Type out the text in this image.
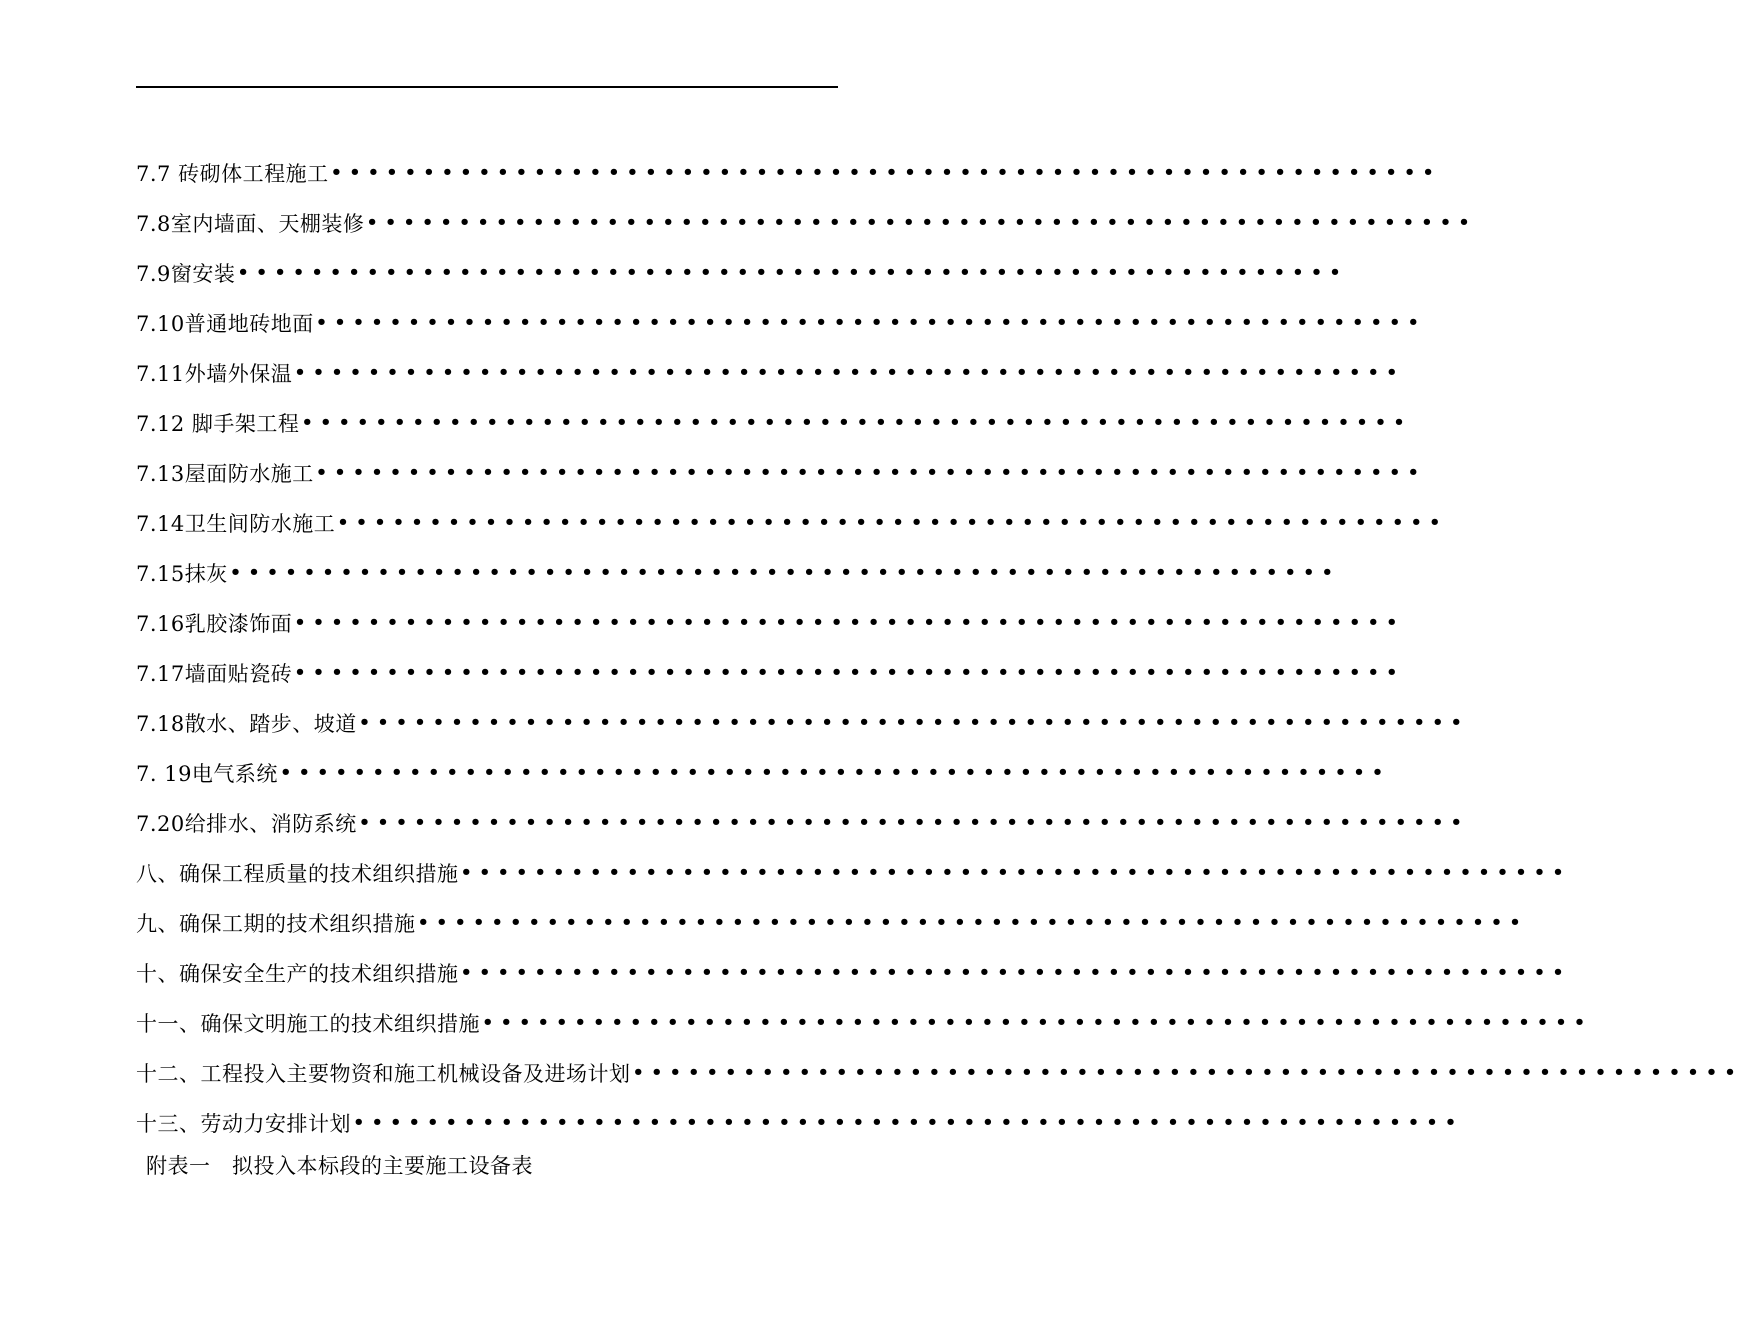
7.7 砖砌体工程施工 ••••••••••••••••••••••••••••••••••••••••••••••••••••••••••••
7.8室内墙面、天棚装修 ••••••••••••••••••••••••••••••••••••••••••••••••••••••••••••
7.9窗安装 ••••••••••••••••••••••••••••••••••••••••••••••••••••••••••••
7.10普通地砖地面 ••••••••••••••••••••••••••••••••••••••••••••••••••••••••••••
7.11外墙外保温 ••••••••••••••••••••••••••••••••••••••••••••••••••••••••••••
7.12 脚手架工程 ••••••••••••••••••••••••••••••••••••••••••••••••••••••••••••
7.13屋面防水施工 ••••••••••••••••••••••••••••••••••••••••••••••••••••••••••••
7.14卫生间防水施工 ••••••••••••••••••••••••••••••••••••••••••••••••••••••••••••
7.15抹灰 ••••••••••••••••••••••••••••••••••••••••••••••••••••••••••••
7.16乳胶漆饰面 ••••••••••••••••••••••••••••••••••••••••••••••••••••••••••••
7.17墙面贴瓷砖 ••••••••••••••••••••••••••••••••••••••••••••••••••••••••••••
7.18散水、踏步、坡道 ••••••••••••••••••••••••••••••••••••••••••••••••••••••••••••
7. 19电气系统 ••••••••••••••••••••••••••••••••••••••••••••••••••••••••••••
7.20给排水、消防系统 ••••••••••••••••••••••••••••••••••••••••••••••••••••••••••••
八、确保工程质量的技术组织措施 ••••••••••••••••••••••••••••••••••••••••••••••••••••••••••••
九、确保工期的技术组织措施 ••••••••••••••••••••••••••••••••••••••••••••••••••••••••••••
十、确保安全生产的技术组织措施 ••••••••••••••••••••••••••••••••••••••••••••••••••••••••••••
十一、确保文明施工的技术组织措施 ••••••••••••••••••••••••••••••••••••••••••••••••••••••••••••
十二、工程投入主要物资和施工机械设备及进场计划 ••••••••••••••••••••••••••••••••••••••••••••••••••••••••••••
十三、劳动力安排计划 ••••••••••••••••••••••••••••••••••••••••••••••••••••••••••••
附表一   拟投入本标段的主要施工设备表
